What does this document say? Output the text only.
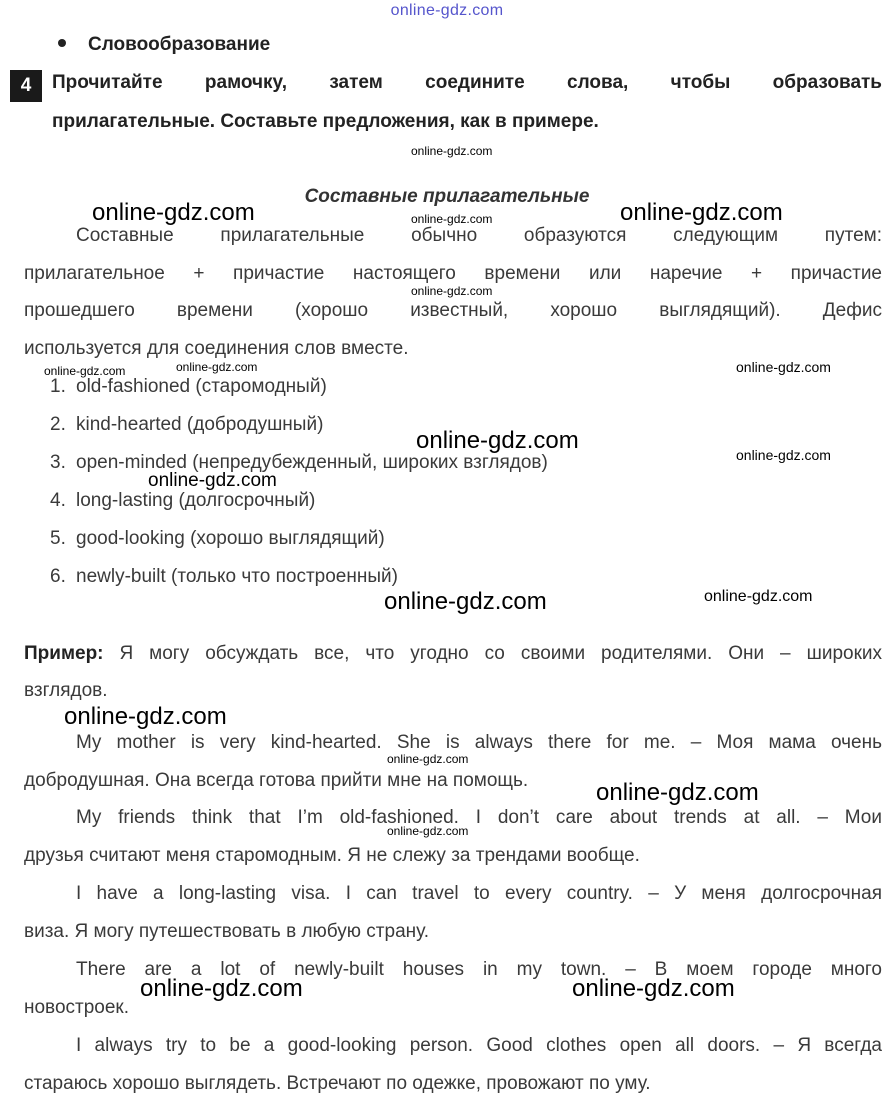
online-gdz.com
Словообразование
4	Прочитайте рамочку, затем соедините слова, чтобы образовать
прилагательные. Составьте предложения, как в примере.
Составные прилагательные
Составные прилагательные обычно образуются следующим путем:
прилагательное + причастие настоящего времени или наречие + причастие
прошедшего времени (хорошо известный, хорошо выглядящий). Дефис
используется для соединения слов вместе.
1. old-fashioned (старомодный)
2. kind-hearted (добродушный)
3. open-minded (непредубежденный, широких взглядов)
4. long-lasting (долгосрочный)
5. good-looking (хорошо выглядящий)
6. newly-built (только что построенный)
Пример: Я могу обсуждать все, что угодно со своими родителями. Они – широких
взглядов.
My mother is very kind-hearted. She is always there for me. – Моя мама очень
добродушная. Она всегда готова прийти мне на помощь.
My friends think that I’m old-fashioned. I don’t care about trends at all. – Мои
друзья считают меня старомодным. Я не слежу за трендами вообще.
I have a long-lasting visa. I can travel to every country. – У меня долгосрочная
виза. Я могу путешествовать в любую страну.
There are a lot of newly-built houses in my town. – В моем городе много
новостроек.
I always try to be a good-looking person. Good clothes open all doors. – Я всегда
стараюсь хорошо выглядеть. Встречают по одежке, провожают по уму.
online-gdz.com
online-gdz.com	online-gdz.com
online-gdz.com
online-gdz.com
online-gdz.com	online-gdz.com	online-gdz.com
online-gdz.com
online-gdz.com
online-gdz.com
online-gdz.com	online-gdz.com
online-gdz.com
online-gdz.com
online-gdz.com
online-gdz.com
online-gdz.com	online-gdz.com
